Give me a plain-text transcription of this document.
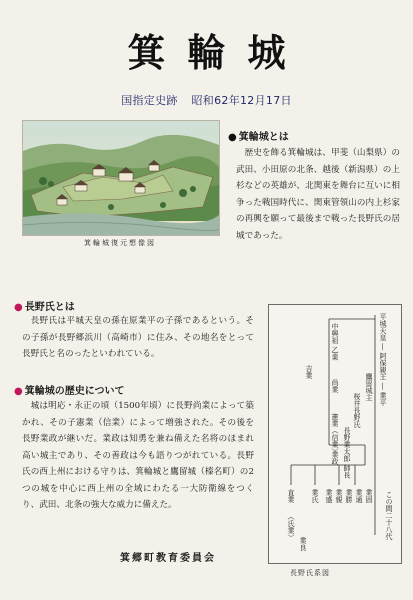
箕輪城
国指定史跡 昭和62年12月17日
箕輪城復元想像図
● 箕輪城とは
歴史を飾る箕輪城は、甲斐（山梨県）の武田、小田原の北条、越後（新潟県）の上杉などの英雄が、北関東を舞台に互いに相争った戦国時代に、関東管領山の内上杉家の再興を願って最後まで戦った長野氏の居城であった。
● 長野氏とは
長野氏は平城天皇の孫在原業平の子孫であるという。その子孫が長野郷浜川（高崎市）に住み、その地名をとって長野氏と名のったといわれている。
● 箕輪城の歴史について
城は明応・永正の頃（1500年頃）に長野尚業によって築かれ、その子憲業（信業）によって増強された。その後を長野業政が継いだ。業政は知勇を兼ね備えた名将のほまれ高い城主であり、その善政は今も語りつがれている。長野氏の西上州における守りは、箕輪城と鷹留城（榛名町）の2つの城を中心に西上州の全域にわたる一大防衛線をつくり、武田、北条の強大な威力に備えた。
平城天皇 ― 阿保親王 ― 業平
桜井長野氏
鷹留城主
長野業太郎 師長
この間二十八代
中興祖 乙業
吉業
尚業
憲業（信業）
業政
直業 業氏 業盛 業親 業勝 業通 業固
（氏業）
業良
長野氏系図
箕郷町教育委員会
